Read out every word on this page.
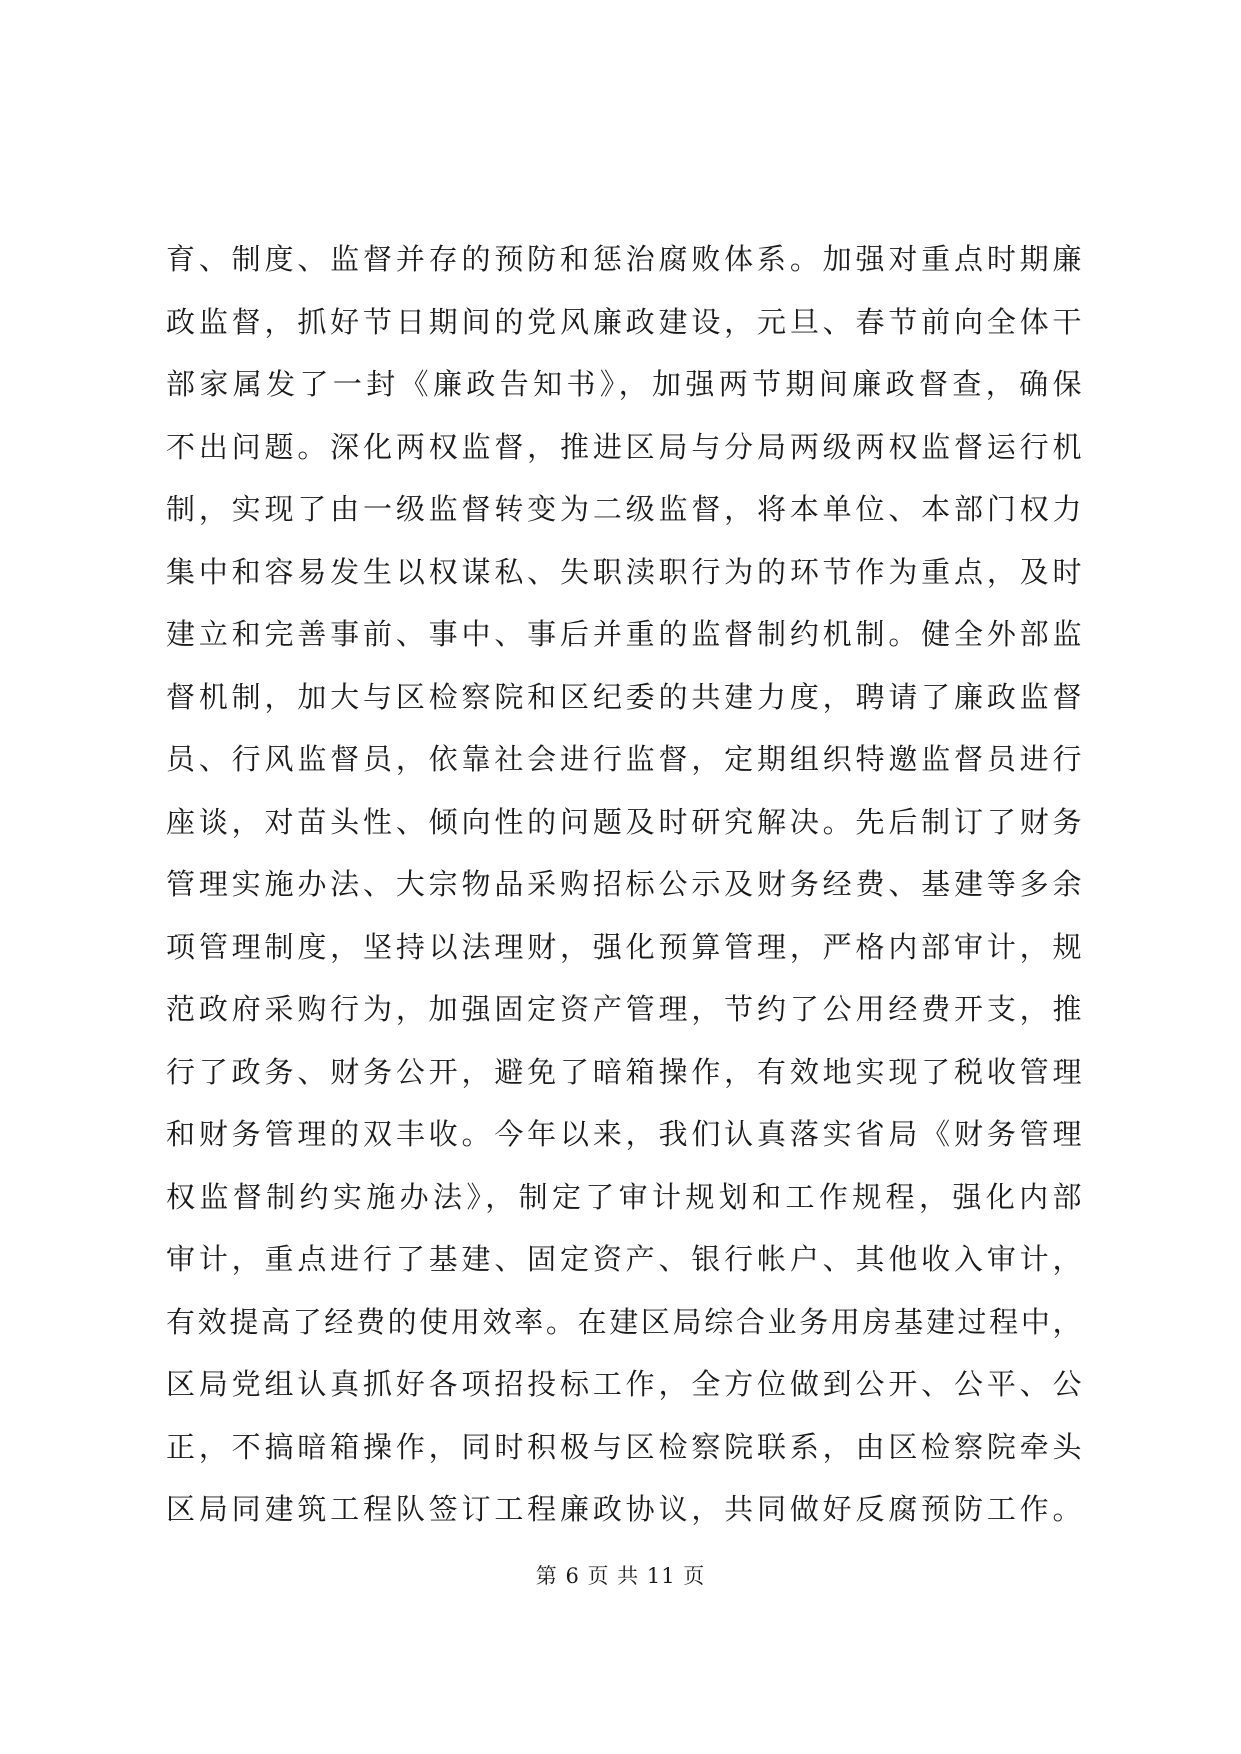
育、制度、监督并存的预防和惩治腐败体系。加强对重点时期廉
政监督，抓好节日期间的党风廉政建设，元旦、春节前向全体干
部家属发了一封《廉政告知书》，加强两节期间廉政督查，确保
不出问题。深化两权监督，推进区局与分局两级两权监督运行机
制，实现了由一级监督转变为二级监督，将本单位、本部门权力
集中和容易发生以权谋私、失职渎职行为的环节作为重点，及时
建立和完善事前、事中、事后并重的监督制约机制。健全外部监
督机制，加大与区检察院和区纪委的共建力度，聘请了廉政监督
员、行风监督员，依靠社会进行监督，定期组织特邀监督员进行
座谈，对苗头性、倾向性的问题及时研究解决。先后制订了财务
管理实施办法、大宗物品采购招标公示及财务经费、基建等多余
项管理制度，坚持以法理财，强化预算管理，严格内部审计，规
范政府采购行为，加强固定资产管理，节约了公用经费开支，推
行了政务、财务公开，避免了暗箱操作，有效地实现了税收管理
和财务管理的双丰收。今年以来，我们认真落实省局《财务管理
权监督制约实施办法》，制定了审计规划和工作规程，强化内部
审计，重点进行了基建、固定资产、银行帐户、其他收入审计，
有效提高了经费的使用效率。在建区局综合业务用房基建过程中，
区局党组认真抓好各项招投标工作，全方位做到公开、公平、公
正，不搞暗箱操作，同时积极与区检察院联系，由区检察院牵头
区局同建筑工程队签订工程廉政协议，共同做好反腐预防工作。
第 6 页 共 11 页
